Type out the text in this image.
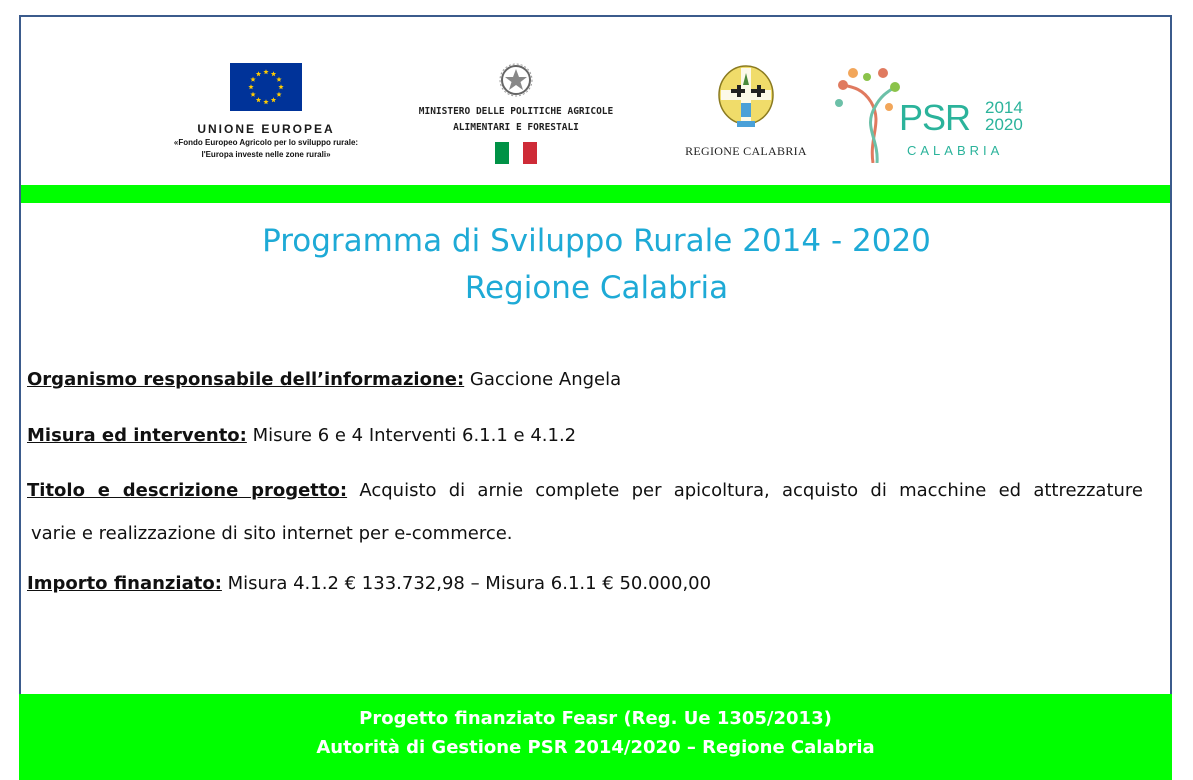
UNIONE EUROPEA
«Fondo Europeo Agricolo per lo sviluppo rurale:
l'Europa investe nelle zone rurali»
MINISTERO DELLE POLITICHE AGRICOLE
ALIMENTARI E FORESTALI
REGIONE CALABRIA
PSR 2014
2020
CALABRIA
Programma di Sviluppo Rurale 2014 - 2020
Regione Calabria
Organismo responsabile dell’informazione: Gaccione Angela
Misura ed intervento: Misure 6 e 4 Interventi 6.1.1 e 4.1.2
Titolo e descrizione progetto: Acquisto di arnie complete per apicoltura, acquisto di macchine ed attrezzature
varie e realizzazione di sito internet per e-commerce.
Importo finanziato: Misura 4.1.2 € 133.732,98 – Misura 6.1.1 € 50.000,00
Progetto finanziato Feasr (Reg. Ue 1305/2013)
Autorità di Gestione PSR 2014/2020 – Regione Calabria
